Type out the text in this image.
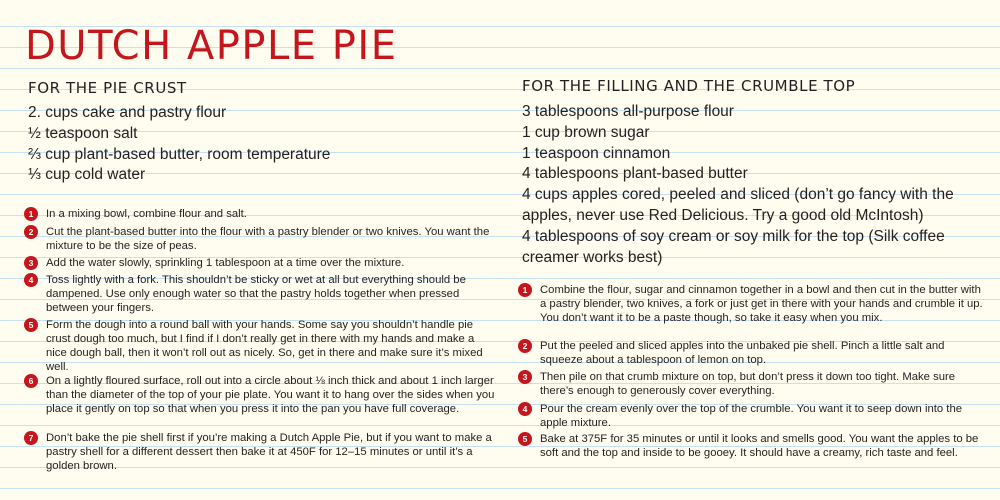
DUTCH APPLE PIE
FOR THE PIE CRUST
2. cups cake and pastry flour
½ teaspoon salt
⅔ cup plant-based butter, room temperature
⅓ cup cold water
1	In a mixing bowl, combine flour and salt.
2	Cut the plant-based butter into the flour with a pastry blender or two knives. You want the mixture to be the size of peas.
3	Add the water slowly, sprinkling 1 tablespoon at a time over the mixture.
4	Toss lightly with a fork. This shouldn’t be sticky or wet at all but everything should be dampened. Use only enough water so that the pastry holds together when pressed between your fingers.
5	Form the dough into a round ball with your hands. Some say you shouldn’t handle pie crust dough too much, but I find if I don’t really get in there with my hands and make a nice dough ball, then it won’t roll out as nicely. So, get in there and make sure it’s mixed well.
6	On a lightly floured surface, roll out into a circle about ⅛ inch thick and about 1 inch larger than the diameter of the top of your pie plate. You want it to hang over the sides when you place it gently on top so that when you press it into the pan you have full coverage.
7	Don’t bake the pie shell first if you’re making a Dutch Apple Pie, but if you want to make a pastry shell for a different dessert then bake it at 450F for 12–15 minutes or until it’s a golden brown.
FOR THE FILLING AND THE CRUMBLE TOP
3 tablespoons all-purpose flour
1 cup brown sugar
1 teaspoon cinnamon
4 tablespoons plant-based butter
4 cups apples cored, peeled and sliced (don’t go fancy with the apples, never use Red Delicious. Try a good old McIntosh)
4 tablespoons of soy cream or soy milk for the top (Silk coffee creamer works best)
1	Combine the flour, sugar and cinnamon together in a bowl and then cut in the butter with a pastry blender, two knives, a fork or just get in there with your hands and crumble it up. You don’t want it to be a paste though, so take it easy when you mix.
2	Put the peeled and sliced apples into the unbaked pie shell. Pinch a little salt and squeeze about a tablespoon of lemon on top.
3	Then pile on that crumb mixture on top, but don’t press it down too tight. Make sure there’s enough to generously cover everything.
4	Pour the cream evenly over the top of the crumble. You want it to seep down into the apple mixture.
5	Bake at 375F for 35 minutes or until it looks and smells good. You want the apples to be soft and the top and inside to be gooey. It should have a creamy, rich taste and feel.
